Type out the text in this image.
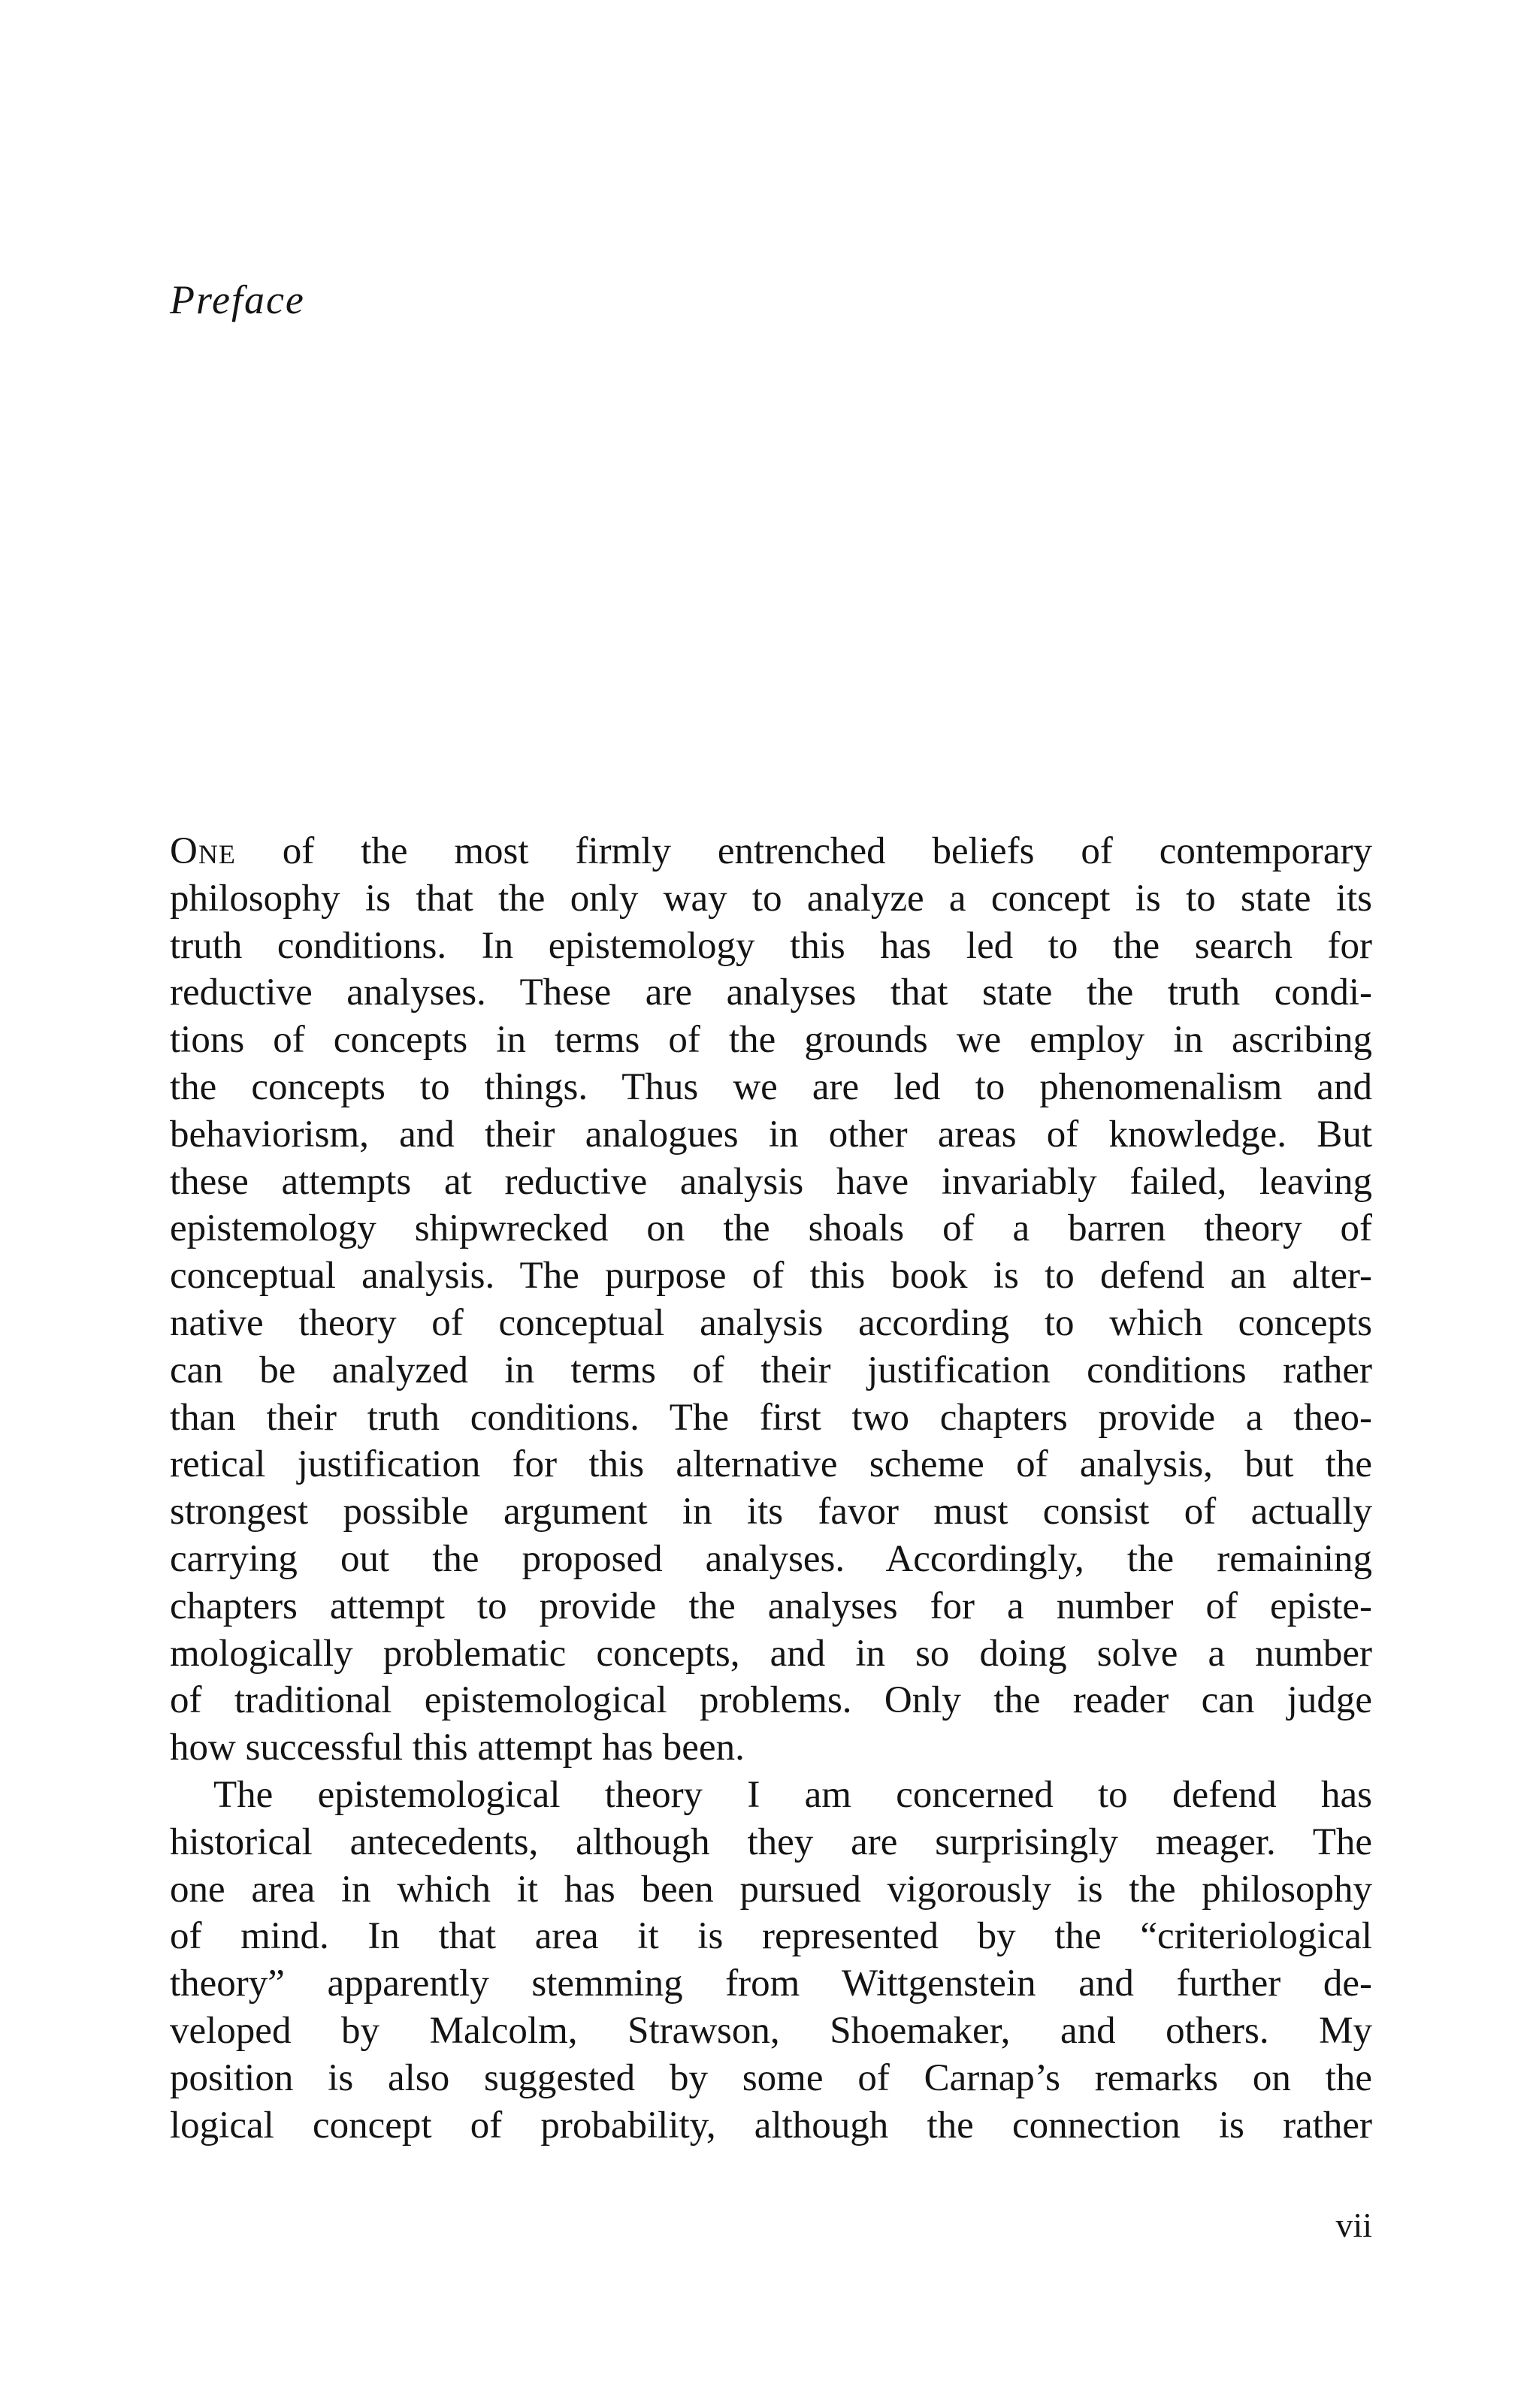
Preface
One of the most firmly entrenched beliefs of contemporary
philosophy is that the only way to analyze a concept is to state its
truth conditions. In epistemology this has led to the search for
reductive analyses. These are analyses that state the truth condi-
tions of concepts in terms of the grounds we employ in ascribing
the concepts to things. Thus we are led to phenomenalism and
behaviorism, and their analogues in other areas of knowledge. But
these attempts at reductive analysis have invariably failed, leaving
epistemology shipwrecked on the shoals of a barren theory of
conceptual analysis. The purpose of this book is to defend an alter-
native theory of conceptual analysis according to which concepts
can be analyzed in terms of their justification conditions rather
than their truth conditions. The first two chapters provide a theo-
retical justification for this alternative scheme of analysis, but the
strongest possible argument in its favor must consist of actually
carrying out the proposed analyses. Accordingly, the remaining
chapters attempt to provide the analyses for a number of episte-
mologically problematic concepts, and in so doing solve a number
of traditional epistemological problems. Only the reader can judge
how successful this attempt has been.
The epistemological theory I am concerned to defend has
historical antecedents, although they are surprisingly meager. The
one area in which it has been pursued vigorously is the philosophy
of mind. In that area it is represented by the “criteriological
theory” apparently stemming from Wittgenstein and further de-
veloped by Malcolm, Strawson, Shoemaker, and others. My
position is also suggested by some of Carnap’s remarks on the
logical concept of probability, although the connection is rather
vii
